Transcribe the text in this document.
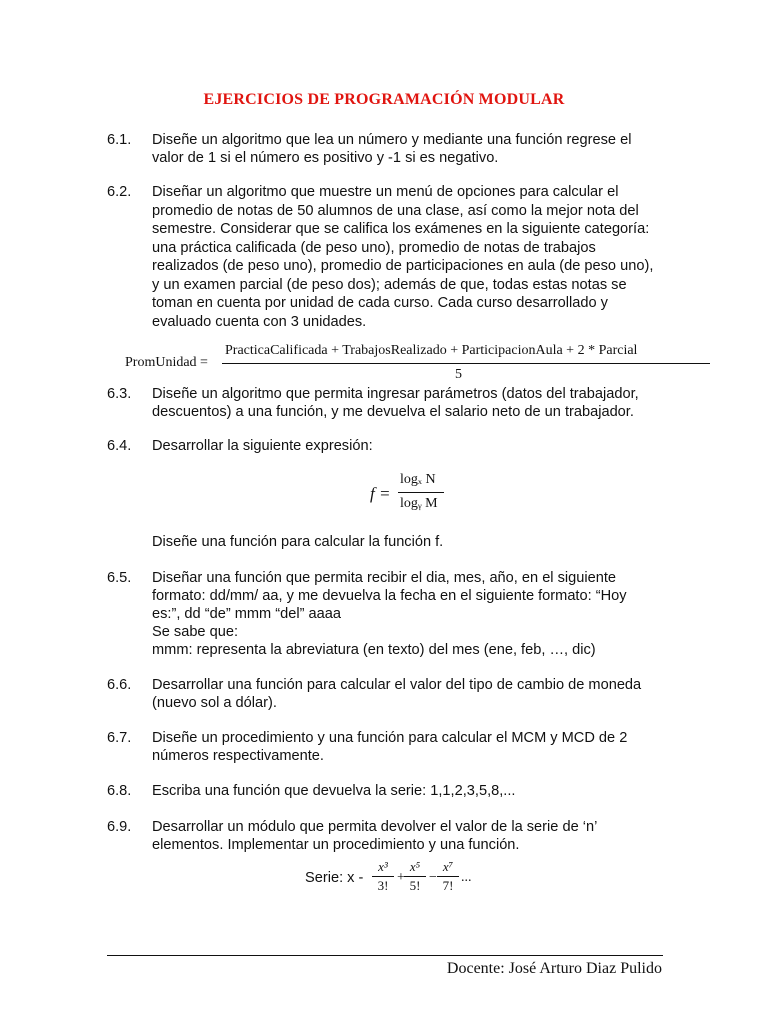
EJERCICIOS DE PROGRAMACIÓN MODULAR
6.1.	Diseñe un algoritmo que lea un número y mediante una función regrese el
valor de 1 si el número es positivo y -1 si es negativo.
6.2.	Diseñar un algoritmo que muestre un menú de opciones para calcular el
promedio de notas de 50 alumnos de una clase, así como la mejor nota del
semestre. Considerar que se califica los exámenes en la siguiente categoría:
una práctica calificada (de peso uno), promedio de notas de trabajos
realizados (de peso uno), promedio de participaciones en aula (de peso uno),
y un examen parcial (de peso dos); además de que, todas estas notas se
toman en cuenta por unidad de cada curso. Cada curso desarrollado y
evaluado cuenta con 3 unidades.
PromUnidad =
PracticaCalificada + TrabajosRealizado + ParticipacionAula + 2 * Parcial
5
6.3.	Diseñe un algoritmo que permita ingresar parámetros (datos del trabajador,
descuentos) a una función, y me devuelva el salario neto de un trabajador.
6.4.	Desarrollar la siguiente expresión:
f =
logₓ N
logᵧ M
Diseñe una función para calcular la función f.
6.5.	Diseñar una función que permita recibir el dia, mes, año, en el siguiente
formato: dd/mm/ aa, y me devuelva la fecha en el siguiente formato: “Hoy
es:”, dd “de” mmm “del” aaaa
Se sabe que:
mmm: representa la abreviatura (en texto) del mes (ene, feb, …, dic)
6.6.	Desarrollar una función para calcular el valor del tipo de cambio de moneda
(nuevo sol a dólar).
6.7.	Diseñe un procedimiento y una función para calcular el MCM y MCD de 2
números respectivamente.
6.8.	Escriba una función que devuelva la serie: 1,1,2,3,5,8,...
6.9.	Desarrollar un módulo que permita devolver el valor de la serie de ‘n’
elementos. Implementar un procedimiento y una función.
Serie: x -
x³
3!
+
x⁵
5!
−
x⁷
7!
...
Docente: José Arturo Diaz Pulido
